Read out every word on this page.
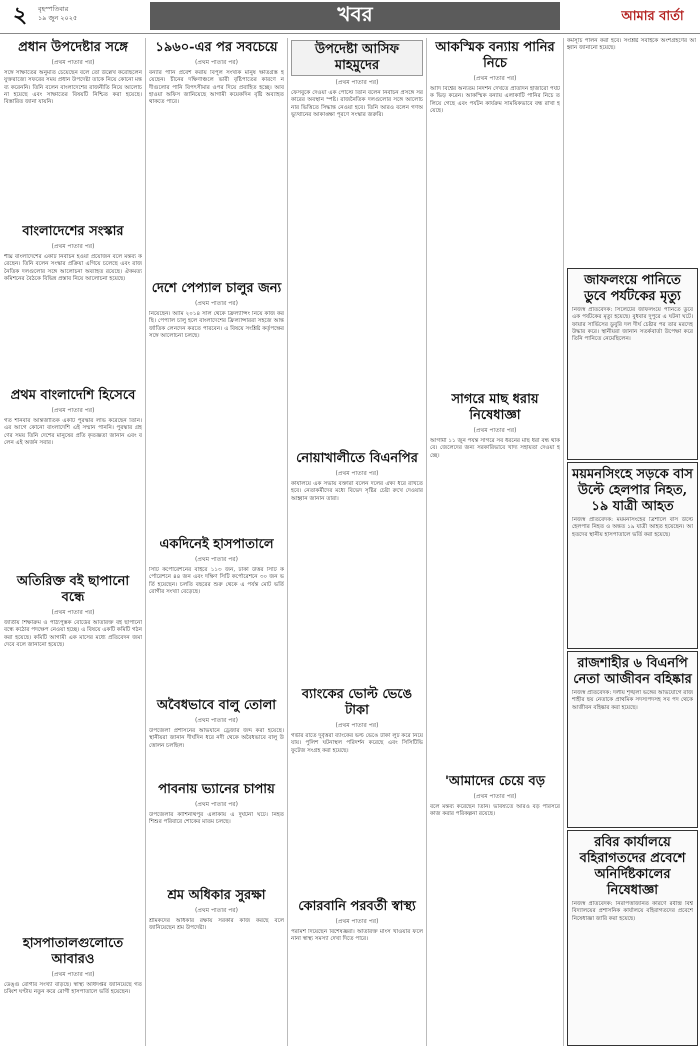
২	বৃহস্পতিবার
১৯ জুন ২০২৫	খবর	আমার বার্তা
প্রধান উপদেষ্টার সঙ্গে
(প্রথম পাতার পর)
সঙ্গে সাক্ষাতের অনুমতি চেয়েছেন বলে তো উল্লেখ করেছিলেন যুক্তরাজ্যে সফরের সময় প্রধান উপদেষ্টা তাকে নিয়ে কোনো মন্তব্য করেননি। তিনি বলেন বাংলাদেশের রাজনীতি নিয়ে আলোচনা হয়েছে এবং সাক্ষাতের বিষয়টি নিশ্চিত করা হয়েছে। বিস্তারিত জানা যায়নি।
বাংলাদেশের সংস্কার
(প্রথম পাতার পর)
শীঘ্র বাংলাদেশের একটি নির্বাচন হওয়া প্রয়োজন বলে মন্তব্য করেছেন। তিনি বলেন সংস্কার প্রক্রিয়া এগিয়ে চলেছে এবং রাজনৈতিক দলগুলোর সঙ্গে আলোচনা অব্যাহত রয়েছে। ঐকমত্য কমিশনের বৈঠকে বিভিন্ন প্রস্তাব নিয়ে আলোচনা হয়েছে।
প্রথম বাংলাদেশি হিসেবে
(প্রথম পাতার পর)
গত শনিবার আন্তর্জাতিক একটি পুরস্কার লাভ করেছেন তিনি। এর আগে কোনো বাংলাদেশি এই সম্মান পাননি। পুরস্কার গ্রহণের সময় তিনি দেশের মানুষের প্রতি কৃতজ্ঞতা জানান এবং বলেন এই অর্জন সবার।
অতিরিক্ত বই ছাপানো বন্ধে
(প্রথম পাতার পর)
জাতীয় শিক্ষাক্রম ও পাঠ্যপুস্তক বোর্ডের অতিরিক্ত বই ছাপানো বন্ধে কঠোর পদক্ষেপ নেওয়া হচ্ছে। এ বিষয়ে একটি কমিটি গঠন করা হয়েছে। কমিটি আগামী এক মাসের মধ্যে প্রতিবেদন জমা দেবে বলে জানানো হয়েছে।
হাসপাতালগুলোতে আবারও
(প্রথম পাতার পর)
ডেঙ্গু রোগীর সংখ্যা বাড়ছে। স্বাস্থ্য অধিদপ্তর জানিয়েছে গত চব্বিশ ঘণ্টায় নতুন করে রোগী হাসপাতালে ভর্তি হয়েছেন।
১৯৬০-এর পর সবচেয়ে
(প্রথম পাতার পর)
বন্যার পানি প্রবেশ করায় বিপুল সংখ্যক মানুষ ক্ষতিগ্রস্ত হয়েছেন। চীনের দক্ষিণাঞ্চলে ভারী বৃষ্টিপাতের কারণে নদীগুলোর পানি বিপৎসীমার ওপর দিয়ে প্রবাহিত হচ্ছে। আবহাওয়া অফিস জানিয়েছে আগামী কয়েকদিন বৃষ্টি অব্যাহত থাকতে পারে।
দেশে পেপ্যাল চালুর জন্য
(প্রথম পাতার পর)
নিয়েছেন। আমি ২০১৪ সাল থেকে ফ্রিল্যান্সিং নিয়ে কাজ করছি। পেপ্যাল চালু হলে বাংলাদেশের ফ্রিল্যান্সাররা সহজে আন্তর্জাতিক লেনদেন করতে পারবেন। এ বিষয়ে সংশ্লিষ্ট কর্তৃপক্ষের সঙ্গে আলোচনা চলছে।
একদিনেই হাসপাতালে
(প্রথম পাতার পর)
সিটি কর্পোরেশনের বাইরে ১১৩ জন, ঢাকা উত্তর সিটি কর্পোরেশনে ৪৪ জন এবং দক্ষিণ সিটি কর্পোরেশনে ৩০ জন ভর্তি হয়েছেন। চলতি বছরের শুরু থেকে এ পর্যন্ত মোট ভর্তি রোগীর সংখ্যা বেড়েছে।
অবৈধভাবে বালু তোলা
(প্রথম পাতার পর)
উপজেলা প্রশাসনের অভিযানে ড্রেজার জব্দ করা হয়েছে। স্থানীয়রা জানান দীর্ঘদিন ধরে নদী থেকে অবৈধভাবে বালু উত্তোলন চলছিল।
পাবনায় ভ্যানের চাপায়
(প্রথম পাতার পর)
উপজেলার কাশিনাথপুর এলাকায় এ দুর্ঘটনা ঘটে। নিহত শিশুর পরিবারে শোকের মাতম চলছে।
শ্রম অধিকার সুরক্ষা
(প্রথম পাতার পর)
শ্রমিকদের অধিকার রক্ষায় সরকার কাজ করছে বলে জানিয়েছেন শ্রম উপদেষ্টা।
উপদেষ্টা আসিফ মাহমুদের
(প্রথম পাতার পর)
ফেসবুকে দেওয়া এক পোস্টে তিনি বলেন নির্বাচন প্রসঙ্গে সরকারের অবস্থান স্পষ্ট। রাজনৈতিক দলগুলোর সঙ্গে আলোচনার ভিত্তিতে সিদ্ধান্ত নেওয়া হবে। তিনি আরও বলেন গণঅভ্যুত্থানের আকাঙ্ক্ষা পূরণে সংস্কার জরুরি।
নোয়াখালীতে বিএনপির
(প্রথম পাতার পর)
কার্যালয়ে এক সভায় বক্তারা বলেন দলের ঐক্য ধরে রাখতে হবে। নেতাকর্মীদের মধ্যে বিভেদ সৃষ্টির চেষ্টা রুখে দেওয়ার আহ্বান জানান তারা।
ব্যাংকের ভোল্ট ভেঙে টাকা
(প্রথম পাতার পর)
গভীর রাতে দুর্বৃত্তরা ব্যাংকের ভল্ট ভেঙে টাকা লুট করে নিয়ে যায়। পুলিশ ঘটনাস্থল পরিদর্শন করেছে এবং সিসিটিভি ফুটেজ সংগ্রহ করা হয়েছে।
কোরবানি পরবর্তী স্বাস্থ্য
(প্রথম পাতার পর)
পরামর্শ দিয়েছেন বিশেষজ্ঞরা। অতিরিক্ত মাংস খাওয়ার ফলে নানা স্বাস্থ্য সমস্যা দেখা দিতে পারে।
আকস্মিক বন্যায় পানির নিচে
(প্রথম পাতার পর)
আদি বিশ্বের অন্যতম নিদর্শন দেখতে প্রতিদিন হাজারো পর্যটক ভিড় করেন। আকস্মিক বন্যায় এলাকাটি পানির নিচে তলিয়ে গেছে এবং পর্যটন কার্যক্রম সাময়িকভাবে বন্ধ রাখা হয়েছে।
সাগরে মাছ ধরায় নিষেধাজ্ঞা
(প্রথম পাতার পর)
আগামী ১১ জুন পর্যন্ত সাগরে সব ধরনের মাছ ধরা বন্ধ থাকবে। জেলেদের জন্য সরকারিভাবে খাদ্য সহায়তা দেওয়া হচ্ছে।
'আমাদের চেয়ে বড়
(প্রথম পাতার পর)
বলে মন্তব্য করেছেন তিনি। ভবিষ্যতে আরও বড় পরিসরে কাজ করার পরিকল্পনা রয়েছে।
কর্মসূচি পালন করা হবে। সংশ্লিষ্ট সবাইকে অংশগ্রহণের আহ্বান জানানো হয়েছে।
জাফলংয়ে পানিতে ডুবে পর্যটকের মৃত্যু
নিজস্ব প্রতিবেদক: সিলেটের জাফলংয়ে পানিতে ডুবে এক পর্যটকের মৃত্যু হয়েছে। বুধবার দুপুরে এ ঘটনা ঘটে। ফায়ার সার্ভিসের ডুবুরি দল দীর্ঘ চেষ্টার পর তার মরদেহ উদ্ধার করে। স্থানীয়রা জানান সতর্কবার্তা উপেক্ষা করে তিনি পানিতে নেমেছিলেন।
ময়মনসিংহে সড়কে বাস উল্টে হেলপার নিহত, ১৯ যাত্রী আহত
নিজস্ব প্রতিবেদক: ময়মনসিংহের ত্রিশালে বাস উল্টে হেলপার নিহত ও অন্তত ১৯ যাত্রী আহত হয়েছেন। আহতদের স্থানীয় হাসপাতালে ভর্তি করা হয়েছে।
রাজশাহীর ৬ বিএনপি নেতা আজীবন বহিষ্কার
নিজস্ব প্রতিবেদক: দলীয় শৃঙ্খলা ভঙ্গের অভিযোগে রাজশাহীর ছয় নেতাকে প্রাথমিক সদস্যপদসহ সব পদ থেকে আজীবন বহিষ্কার করা হয়েছে।
রবির কার্যালয়ে বহিরাগতদের প্রবেশে অনির্দিষ্টকালের নিষেধাজ্ঞা
নিজস্ব প্রতিবেদক: নিরাপত্তাজনিত কারণে রবীন্দ্র বিশ্ববিদ্যালয়ের প্রশাসনিক কার্যালয়ে বহিরাগতদের প্রবেশে নিষেধাজ্ঞা জারি করা হয়েছে।
